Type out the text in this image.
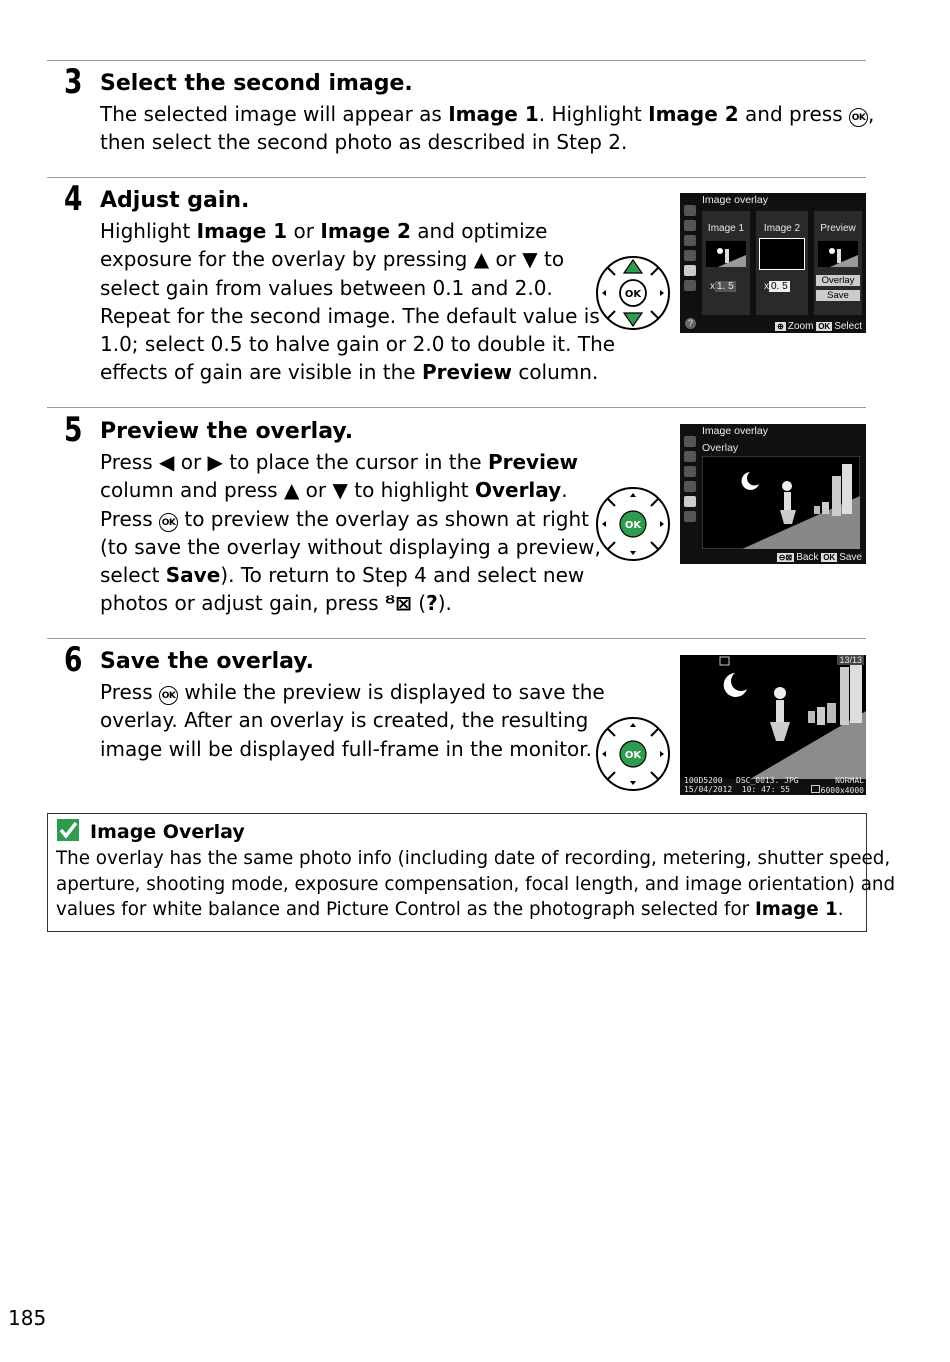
3 Select the second image.

The selected image will appear as Image 1. Highlight Image 2 and press OK ,

then select the second photo as described in Step 2.

4 Adjust gain.

Highlight Image 1 or Image 2 and optimize

exposure for the overlay by pressing ▲ or ▼ to

select gain from values between 0.1 and 2.0.

Repeat for the second image. The default value is

1.0; select 0.5 to halve gain or 2.0 to double it. The

effects of gain are visible in the Preview column.

5 Preview the overlay.

Press ◀ or ▶ to place the cursor in the Preview

column and press ▲ or ▼ to highlight Overlay.

Press OK to preview the overlay as shown at right

(to save the overlay without displaying a preview,

select Save). To return to Step 4 and select new

photos or adjust gain, press ᴽ⊠ (?).

6 Save the overlay.

Press OK while the preview is displayed to save the

overlay. After an overlay is created, the resulting

image will be displayed full-frame in the monitor.

OK
OK
OK
Image overlay
Image 1
x 1. 5
Image 2
x 0. 5
Preview
Overlay
Save
?	⊕ Zoom OK Select
Image overlay
Overlay
⊖⊠ Back OK Save
13/13
100D5200 DSC_0013. JPG	NORMAL
15/04/2012  10: 47: 55	6000x4000
Image Overlay

The overlay has the same photo info (including date of recording, metering, shutter speed,

aperture, shooting mode, exposure compensation, focal length, and image orientation) and

values for white balance and Picture Control as the photograph selected for Image 1.

185
